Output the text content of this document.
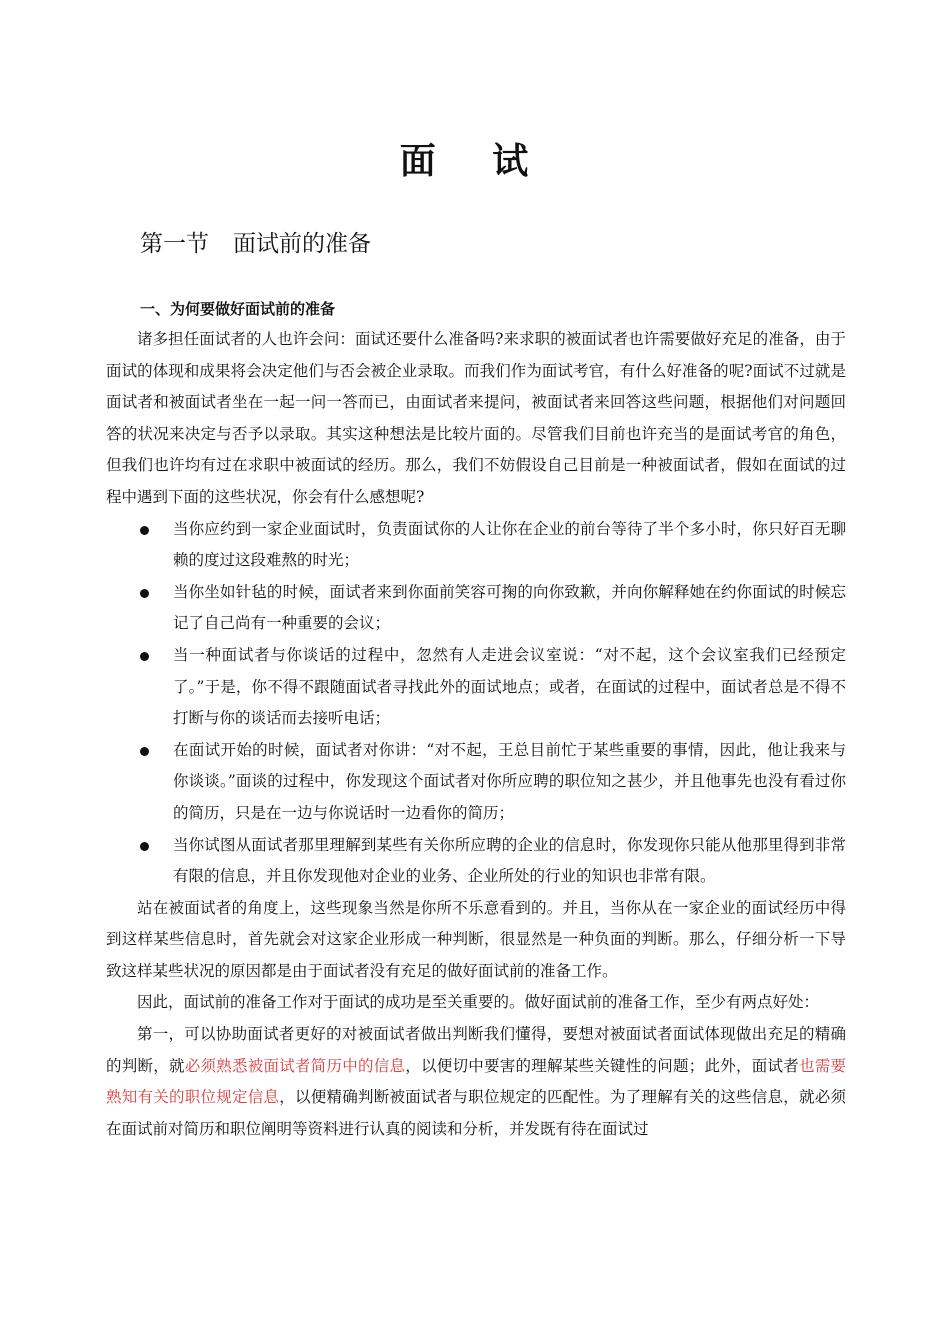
面 试
第一节 面试前的准备
一、为何要做好面试前的准备

诸多担任面试者的人也许会问：面试还要什么准备吗?来求职的被面试者也许需要做好充足的准备，由于面试的体现和成果将会决定他们与否会被企业录取。而我们作为面试考官，有什么好准备的呢?面试不过就是面试者和被面试者坐在一起一问一答而已，由面试者来提问，被面试者来回答这些问题，根据他们对问题回答的状况来决定与否予以录取。其实这种想法是比较片面的。尽管我们目前也许充当的是面试考官的角色，但我们也许均有过在求职中被面试的经历。那么，我们不妨假设自己目前是一种被面试者，假如在面试的过程中遇到下面的这些状况，你会有什么感想呢?

当你应约到一家企业面试时，负责面试你的人让你在企业的前台等待了半个多小时，你只好百无聊赖的度过这段难熬的时光；
当你坐如针毡的时候，面试者来到你面前笑容可掬的向你致歉，并向你解释她在约你面试的时候忘记了自己尚有一种重要的会议；
当一种面试者与你谈话的过程中，忽然有人走进会议室说：“对不起，这个会议室我们已经预定了。”于是，你不得不跟随面试者寻找此外的面试地点；或者，在面试的过程中，面试者总是不得不打断与你的谈话而去接听电话；
在面试开始的时候，面试者对你讲：“对不起，王总目前忙于某些重要的事情，因此，他让我来与你谈谈。”面谈的过程中，你发现这个面试者对你所应聘的职位知之甚少，并且他事先也没有看过你的简历，只是在一边与你说话时一边看你的简历；
当你试图从面试者那里理解到某些有关你所应聘的企业的信息时，你发现你只能从他那里得到非常有限的信息，并且你发现他对企业的业务、企业所处的行业的知识也非常有限。

站在被面试者的角度上，这些现象当然是你所不乐意看到的。并且，当你从在一家企业的面试经历中得到这样某些信息时，首先就会对这家企业形成一种判断，很显然是一种负面的判断。那么，仔细分析一下导致这样某些状况的原因都是由于面试者没有充足的做好面试前的准备工作。

因此，面试前的准备工作对于面试的成功是至关重要的。做好面试前的准备工作，至少有两点好处：

第一，可以协助面试者更好的对被面试者做出判断我们懂得，要想对被面试者面试体现做出充足的精确的判断，就必须熟悉被面试者简历中的信息，以便切中要害的理解某些关键性的问题；此外，面试者也需要熟知有关的职位规定信息，以便精确判断被面试者与职位规定的匹配性。为了理解有关的这些信息，就必须在面试前对简历和职位阐明等资料进行认真的阅读和分析，并发既有待在面试过
